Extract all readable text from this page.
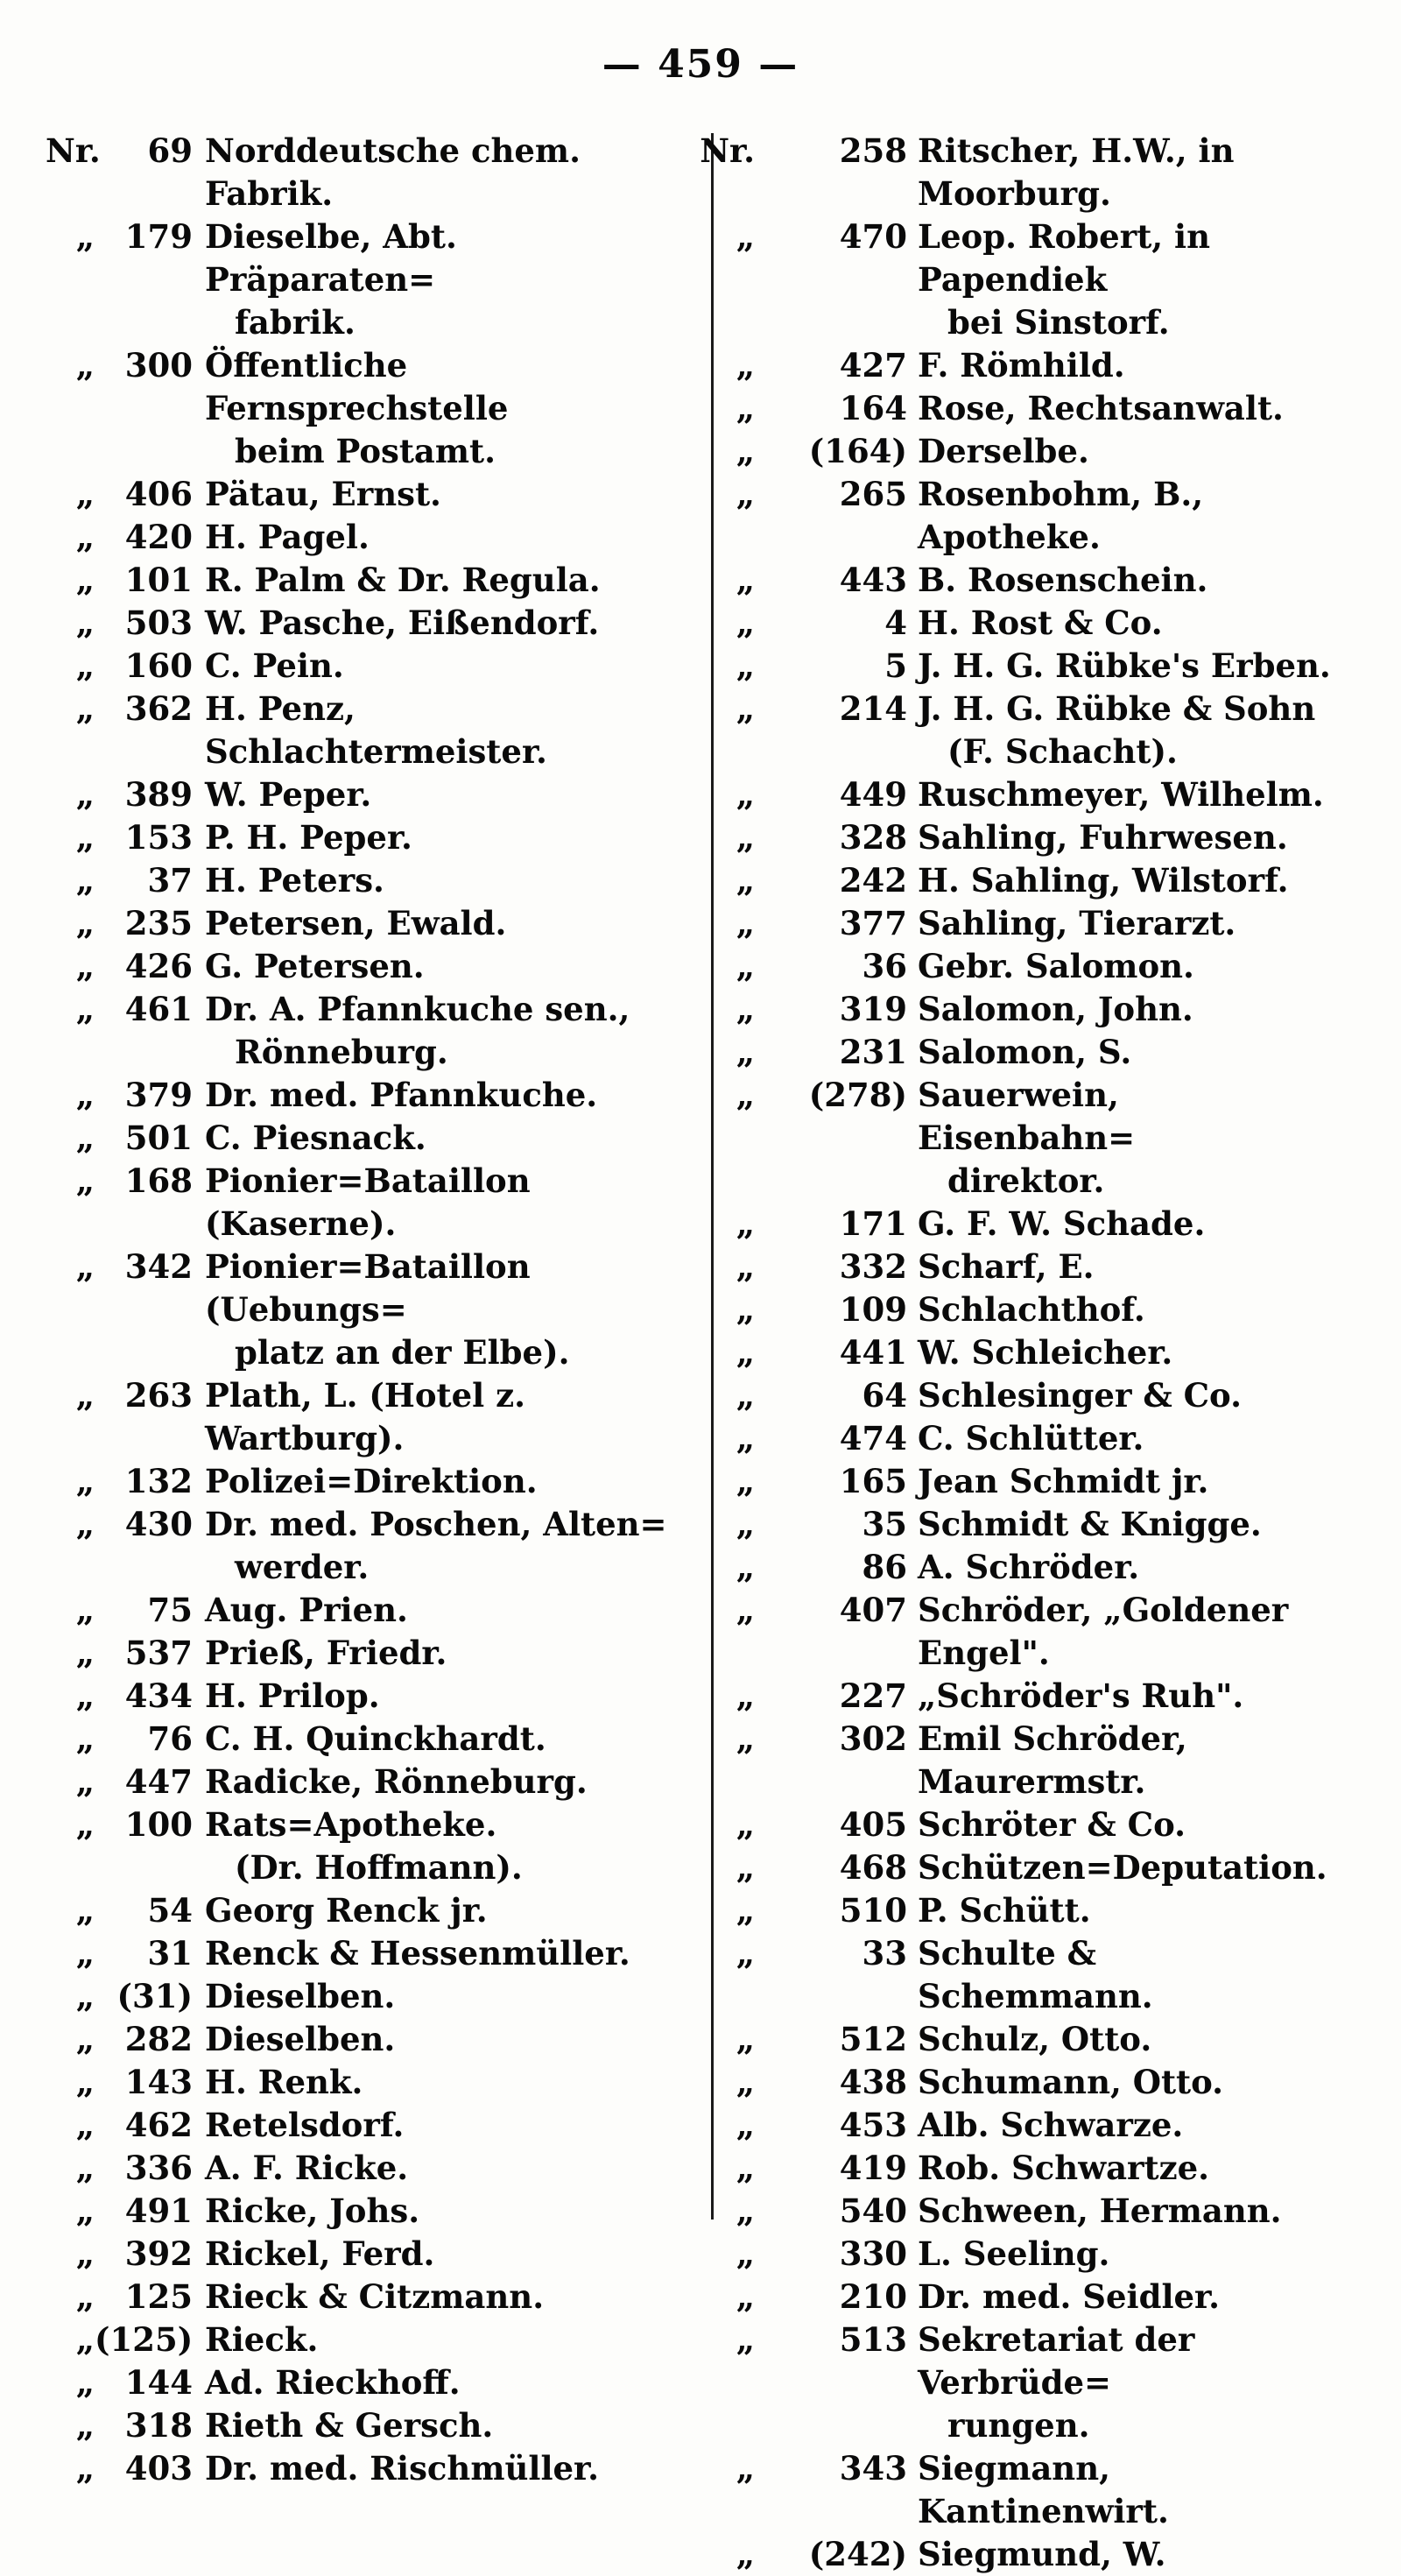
— 459 —
Nr.	69 Norddeutsche chem. Fabrik.
„ 179 Dieselbe, Abt. Präparaten=
fabrik.
„ 300 Öffentliche Fernsprechstelle
beim Postamt.
„ 406 Pätau, Ernst.
„ 420 H. Pagel.
„ 101 R. Palm & Dr. Regula.
„ 503 W. Pasche, Eißendorf.
„ 160 C. Pein.
„ 362 H. Penz, Schlachtermeister.
„ 389 W. Peper.
„ 153 P. H. Peper.
„	37 H. Peters.
„ 235 Petersen, Ewald.
„ 426 G. Petersen.
„ 461 Dr. A. Pfannkuche sen.,
Rönneburg.
„ 379 Dr. med. Pfannkuche.
„ 501 C. Piesnack.
„ 168 Pionier=Bataillon (Kaserne).
„ 342 Pionier=Bataillon (Uebungs=
platz an der Elbe).
„ 263 Plath, L. (Hotel z. Wartburg).
„ 132 Polizei=Direktion.
„ 430 Dr. med. Poschen, Alten=
werder.
„	75 Aug. Prien.
„ 537 Prieß, Friedr.
„ 434 H. Prilop.
„	76 C. H. Quinckhardt.
„ 447 Radicke, Rönneburg.
„ 100 Rats=Apotheke.
(Dr. Hoffmann).
„	54 Georg Renck jr.
„	31 Renck & Hessenmüller.
„ (31) Dieselben.
„ 282 Dieselben.
„ 143 H. Renk.
„ 462 Retelsdorf.
„ 336 A. F. Ricke.
„ 491 Ricke, Johs.
„ 392 Rickel, Ferd.
„ 125 Rieck & Citzmann.
„ (125) Rieck.
„ 144 Ad. Rieckhoff.
„ 318 Rieth & Gersch.
„ 403 Dr. med. Rischmüller.
Nr.	258 Ritscher, H.W., in Moorburg.
„	470 Leop. Robert, in Papendiek
bei Sinstorf.
„	427 F. Römhild.
„	164 Rose, Rechtsanwalt.
„	(164) Derselbe.
„	265 Rosenbohm, B., Apotheke.
„	443 B. Rosenschein.
„	4 H. Rost & Co.
„	5 J. H. G. Rübke's Erben.
„	214 J. H. G. Rübke & Sohn
(F. Schacht).
„	449 Ruschmeyer, Wilhelm.
„	328 Sahling, Fuhrwesen.
„	242 H. Sahling, Wilstorf.
„	377 Sahling, Tierarzt.
„	36 Gebr. Salomon.
„	319 Salomon, John.
„	231 Salomon, S.
„	(278) Sauerwein, Eisenbahn=
direktor.
„	171 G. F. W. Schade.
„	332 Scharf, E.
„	109 Schlachthof.
„	441 W. Schleicher.
„	64 Schlesinger & Co.
„	474 C. Schlütter.
„	165 Jean Schmidt jr.
„	35 Schmidt & Knigge.
„	86 A. Schröder.
„	407 Schröder, „Goldener Engel".
„	227 „Schröder's Ruh".
„	302 Emil Schröder, Maurermstr.
„	405 Schröter & Co.
„	468 Schützen=Deputation.
„	510 P. Schütt.
„	33 Schulte & Schemmann.
„	512 Schulz, Otto.
„	438 Schumann, Otto.
„	453 Alb. Schwarze.
„	419 Rob. Schwartze.
„	540 Schween, Hermann.
„	330 L. Seeling.
„	210 Dr. med. Seidler.
„	513 Sekretariat der Verbrüde=
rungen.
„	343 Siegmann, Kantinenwirt.
„	(242) Siegmund, W.
